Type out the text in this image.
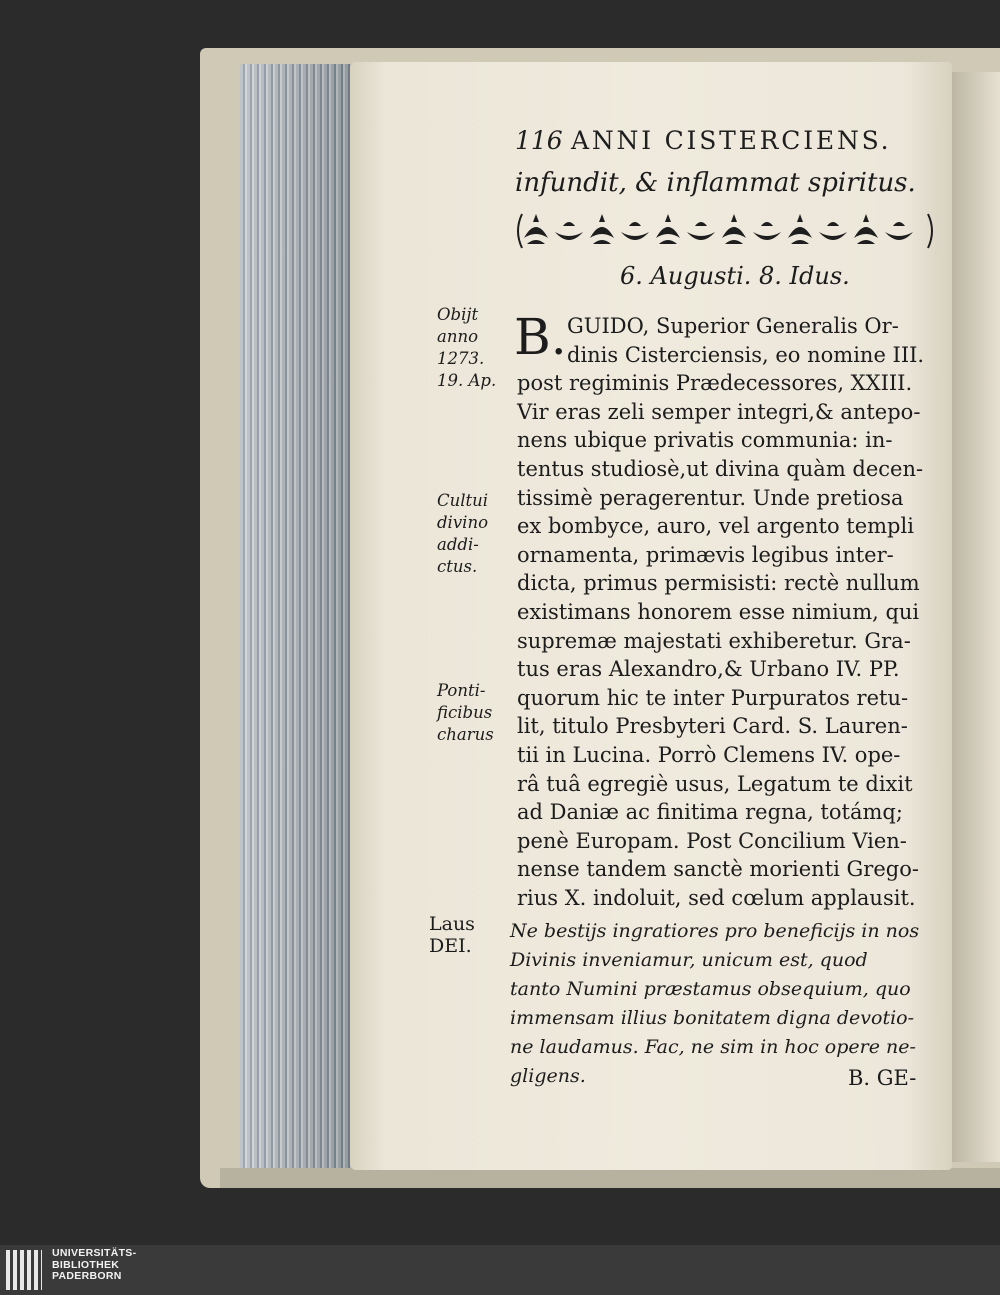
116 ANNI CISTERCIENS.
infundit, & inflammat spiritus.
6. Augusti. 8. Idus.
B. GUIDO, Superior Generalis Or-
dinis Cisterciensis, eo nomine III.
post regiminis Prædecessores, XXIII.
Vir eras zeli semper integri,& antepo-
nens ubique privatis communia: in-
tentus studiosè,ut divina quàm decen-
tissimè peragerentur. Unde pretiosa
ex bombyce, auro, vel argento templi
ornamenta, primævis legibus inter-
dicta, primus permisisti: rectè nullum
existimans honorem esse nimium, qui
supremæ majestati exhiberetur. Gra-
tus eras Alexandro,& Urbano IV. PP.
quorum hic te inter Purpuratos retu-
lit, titulo Presbyteri Card. S. Lauren-
tii in Lucina. Porrò Clemens IV. ope-
râ tuâ egregiè usus, Legatum te dixit
ad Daniæ ac finitima regna, totámq;
penè Europam. Post Concilium Vien-
nense tandem sanctè morienti Grego-
rius X. indoluit, sed cœlum applausit.
Ne bestijs ingratiores pro beneficijs in nos
Divinis inveniamur, unicum est, quod
tanto Numini præstamus obsequium, quo
immensam illius bonitatem digna devotio-
ne laudamus. Fac, ne sim in hoc opere ne-
gligens.	B. GE-
Obijt
anno
1273.
19. Ap.
Cultui
divino
addi-
ctus.
Ponti-
ficibus
charus
Laus
DEI.
UNIVERSITÄTS-
BIBLIOTHEK
PADERBORN
